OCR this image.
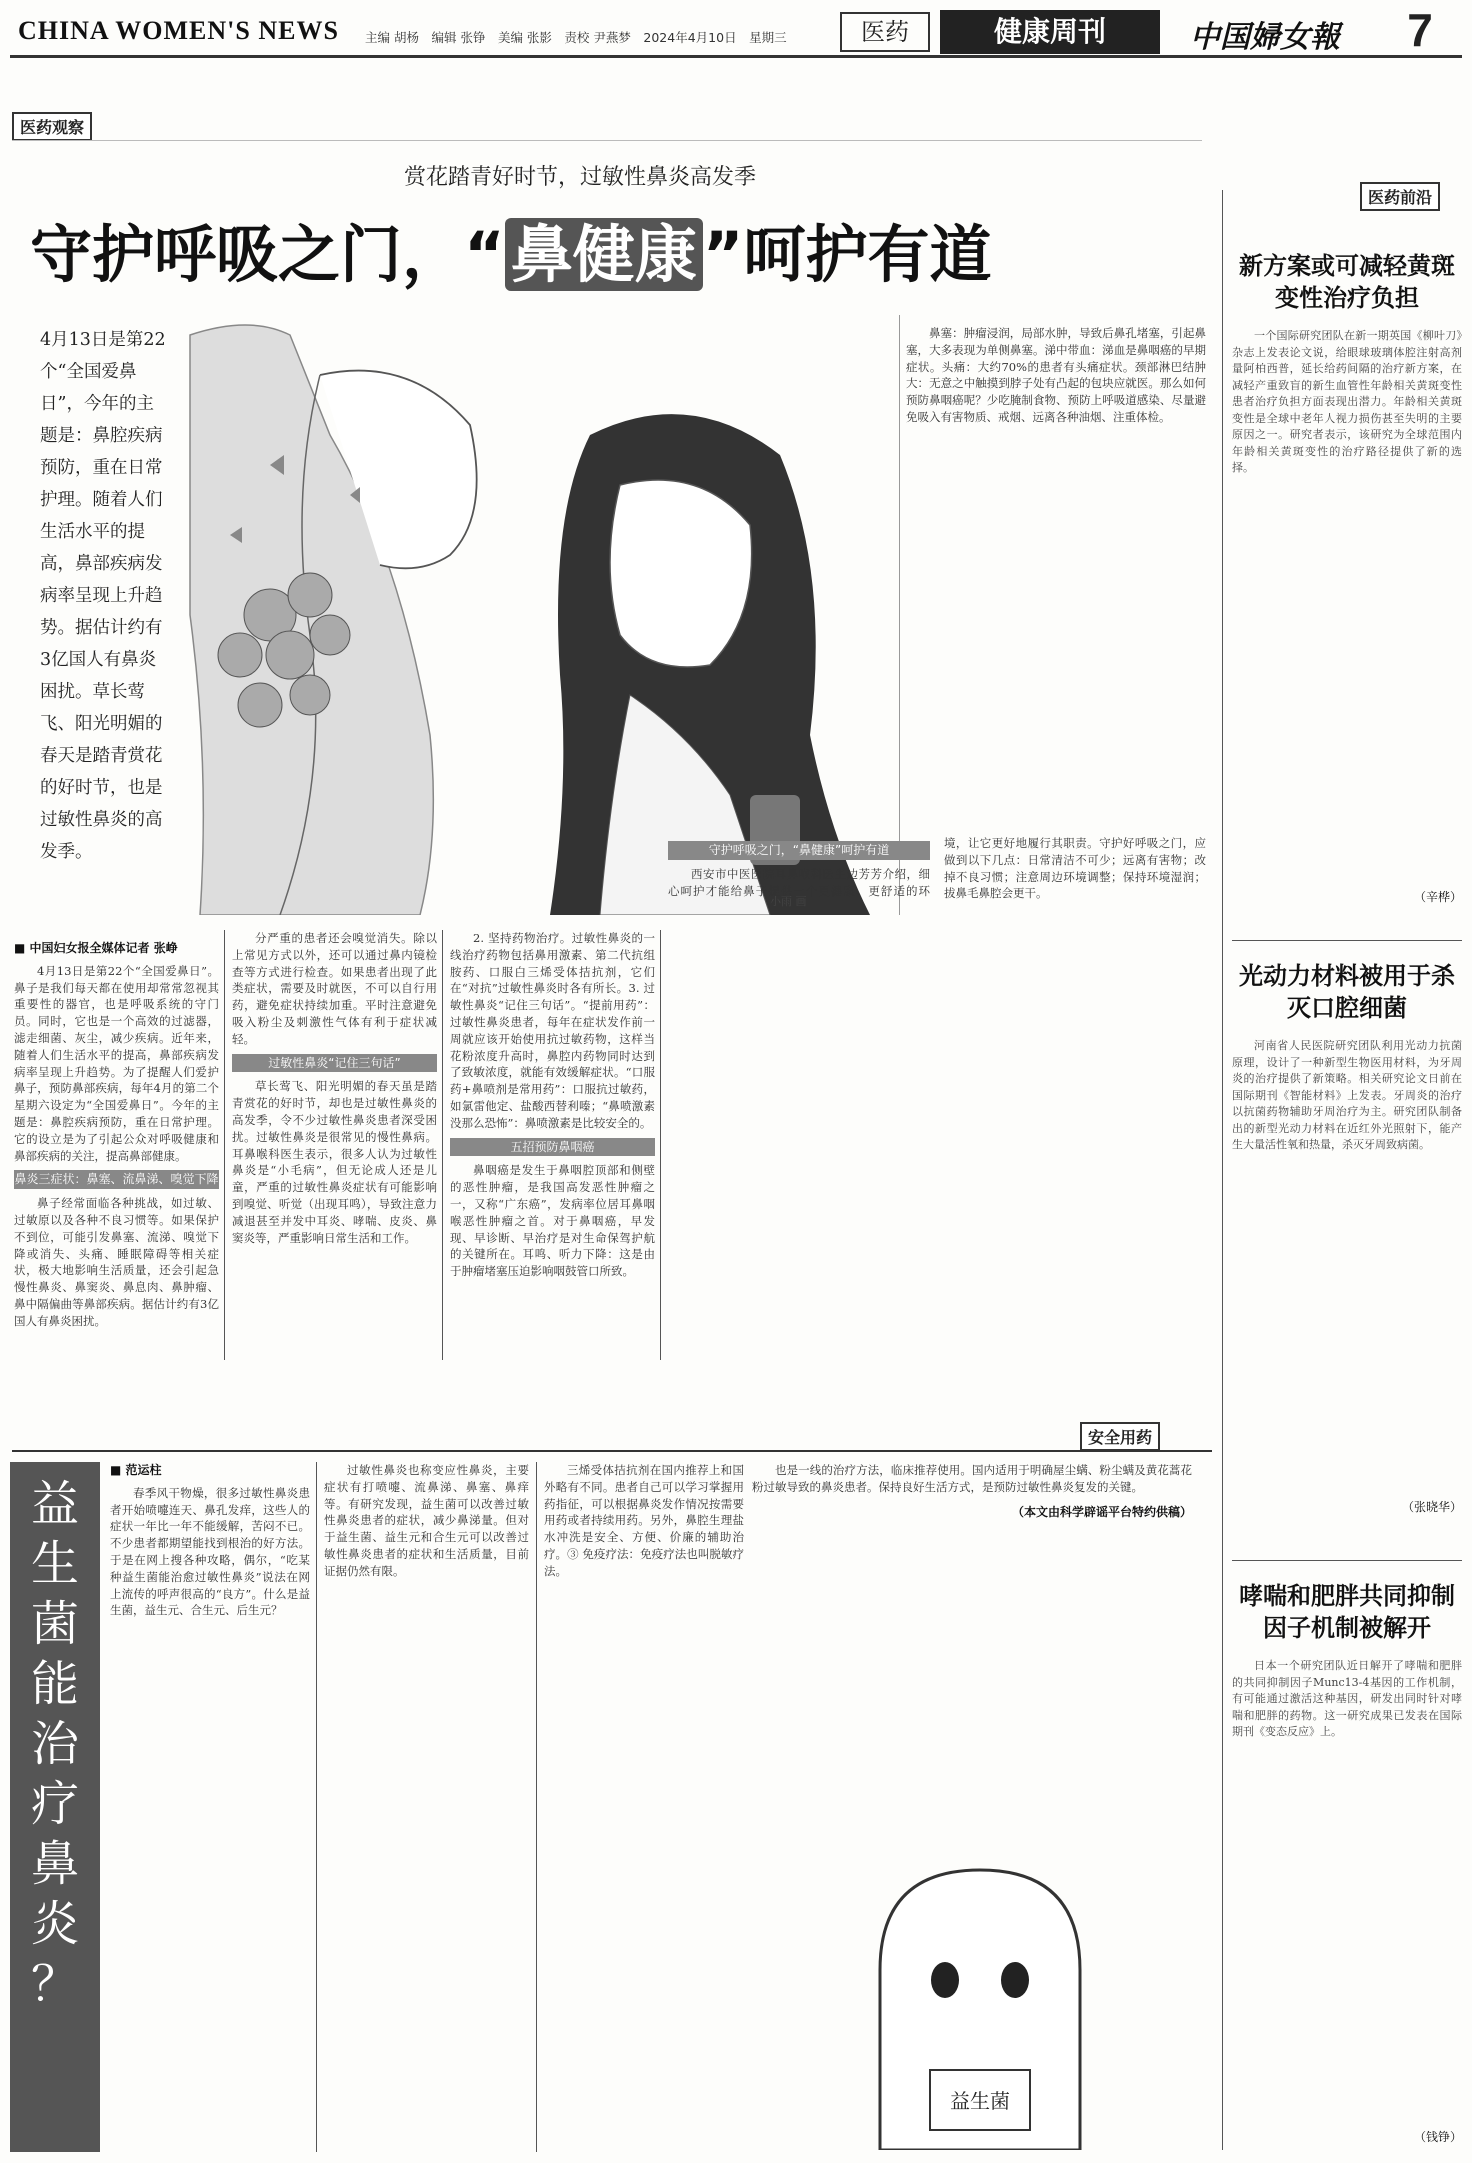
CHINA WOMEN'S NEWS 主编 胡杨　编辑 张铮　美编 张影　责校 尹燕梦　2024年4月10日　星期三	医药	健康周刊	中国婦女報	7
医药观察
赏花踏青好时节，过敏性鼻炎高发季
守护呼吸之门，“鼻健康”呵护有道
4月13日是第22个“全国爱鼻日”，今年的主题是：鼻腔疾病预防，重在日常护理。随着人们生活水平的提高，鼻部疾病发病率呈现上升趋势。据估计约有3亿国人有鼻炎困扰。草长莺飞、阳光明媚的春天是踏青赏花的好时节，也是过敏性鼻炎的高发季。
小雨 画
■ 中国妇女报全媒体记者 张峥

4月13日是第22个“全国爱鼻日”。鼻子是我们每天都在使用却常常忽视其重要性的器官，也是呼吸系统的守门员。同时，它也是一个高效的过滤器，滤走细菌、灰尘，减少疾病。近年来，随着人们生活水平的提高，鼻部疾病发病率呈现上升趋势。为了提醒人们爱护鼻子，预防鼻部疾病，每年4月的第二个星期六设定为“全国爱鼻日”。今年的主题是：鼻腔疾病预防，重在日常护理。它的设立是为了引起公众对呼吸健康和鼻部疾病的关注，提高鼻部健康。

鼻炎三症状：鼻塞、流鼻涕、嗅觉下降

鼻子经常面临各种挑战，如过敏、过敏原以及各种不良习惯等。如果保护不到位，可能引发鼻塞、流涕、嗅觉下降或消失、头痛、睡眠障碍等相关症状，极大地影响生活质量，还会引起急慢性鼻炎、鼻窦炎、鼻息肉、鼻肿瘤、鼻中隔偏曲等鼻部疾病。据估计约有3亿国人有鼻炎困扰。

分严重的患者还会嗅觉消失。除以上常见方式以外，还可以通过鼻内镜检查等方式进行检查。如果患者出现了此类症状，需要及时就医，不可以自行用药，避免症状持续加重。平时注意避免吸入粉尘及刺激性气体有利于症状减轻。

过敏性鼻炎“记住三句话”

草长莺飞、阳光明媚的春天虽是踏青赏花的好时节，却也是过敏性鼻炎的高发季，令不少过敏性鼻炎患者深受困扰。过敏性鼻炎是很常见的慢性鼻病。耳鼻喉科医生表示，很多人认为过敏性鼻炎是“小毛病”，但无论成人还是儿童，严重的过敏性鼻炎症状有可能影响到嗅觉、听觉（出现耳鸣），导致注意力减退甚至并发中耳炎、哮喘、皮炎、鼻窦炎等，严重影响日常生活和工作。

2. 坚持药物治疗。过敏性鼻炎的一线治疗药物包括鼻用激素、第二代抗组胺药、口服白三烯受体拮抗剂，它们在“对抗”过敏性鼻炎时各有所长。3. 过敏性鼻炎“记住三句话”。“提前用药”：过敏性鼻炎患者，每年在症状发作前一周就应该开始使用抗过敏药物，这样当花粉浓度升高时，鼻腔内药物同时达到了致敏浓度，就能有效缓解症状。“口服药+鼻喷剂是常用药”：口服抗过敏药，如氯雷他定、盐酸西替利嗪；“鼻喷激素没那么恐怖”：鼻喷激素是比较安全的。

五招预防鼻咽癌

鼻咽癌是发生于鼻咽腔顶部和侧壁的恶性肿瘤，是我国高发恶性肿瘤之一，又称“广东癌”，发病率位居耳鼻咽喉恶性肿瘤之首。对于鼻咽癌，早发现、早诊断、早治疗是对生命保驾护航的关键所在。耳鸣、听力下降：这是由于肿瘤堵塞压迫影响咽鼓管口所致。

鼻塞：肿瘤浸润，局部水肿，导致后鼻孔堵塞，引起鼻塞，大多表现为单侧鼻塞。涕中带血：涕血是鼻咽癌的早期症状。头痛：大约70%的患者有头痛症状。颈部淋巴结肿大：无意之中触摸到脖子处有凸起的包块应就医。那么如何预防鼻咽癌呢？少吃腌制食物、预防上呼吸道感染、尽量避免吸入有害物质、戒烟、远离各种油烟、注重体检。

守护呼吸之门，“鼻健康”呵护有道

西安市中医医院耳鼻喉科医生边芳芳介绍，细心呵护才能给鼻子提供一个更健康、更舒适的环境，让它更好地履行其职责。守护好呼吸之门，应做到以下几点：日常清洁不可少；远离有害物；改掉不良习惯；注意周边环境调整；保持环境湿润；拔鼻毛鼻腔会更干。

医药前沿
新方案或可减轻黄斑变性治疗负担

一个国际研究团队在新一期英国《柳叶刀》杂志上发表论文说，给眼球玻璃体腔注射高剂量阿柏西普，延长给药间隔的治疗新方案，在减轻产重致盲的新生血管性年龄相关黄斑变性患者治疗负担方面表现出潜力。年龄相关黄斑变性是全球中老年人视力损伤甚至失明的主要原因之一。研究者表示，该研究为全球范围内年龄相关黄斑变性的治疗路径提供了新的选择。

（辛桦）
光动力材料被用于杀灭口腔细菌

河南省人民医院研究团队利用光动力抗菌原理，设计了一种新型生物医用材料，为牙周炎的治疗提供了新策略。相关研究论文日前在国际期刊《智能材料》上发表。牙周炎的治疗以抗菌药物辅助牙周治疗为主。研究团队制备出的新型光动力材料在近红外光照射下，能产生大量活性氧和热量，杀灭牙周致病菌。

（张晓华）
哮喘和肥胖共同抑制因子机制被解开

日本一个研究团队近日解开了哮喘和肥胖的共同抑制因子Munc13-4基因的工作机制，有可能通过激活这种基因，研发出同时针对哮喘和肥胖的药物。这一研究成果已发表在国际期刊《变态反应》上。

（钱铮）
安全用药
益
生
菌
能
治
疗
鼻
炎
？
■ 范运柱

春季风干物燥，很多过敏性鼻炎患者开始喷嚏连天、鼻孔发痒，这些人的症状一年比一年不能缓解，苦闷不已。不少患者都期望能找到根治的好方法。于是在网上搜各种攻略，偶尔，“吃某种益生菌能治愈过敏性鼻炎”说法在网上流传的呼声很高的“良方”。什么是益生菌，益生元、合生元、后生元？

过敏性鼻炎也称变应性鼻炎，主要症状有打喷嚏、流鼻涕、鼻塞、鼻痒等。有研究发现，益生菌可以改善过敏性鼻炎患者的症状，减少鼻涕量。但对于益生菌、益生元和合生元可以改善过敏性鼻炎患者的症状和生活质量，目前证据仍然有限。

三烯受体拮抗剂在国内推荐上和国外略有不同。患者自己可以学习掌握用药指征，可以根据鼻炎发作情况按需要用药或者持续用药。另外，鼻腔生理盐水冲洗是安全、方便、价廉的辅助治疗。③ 免疫疗法：免疫疗法也叫脱敏疗法。

也是一线的治疗方法，临床推荐使用。国内适用于明确屋尘螨、粉尘螨及黄花蒿花粉过敏导致的鼻炎患者。保持良好生活方式，是预防过敏性鼻炎复发的关键。

（本文由科学辟谣平台特约供稿）
益生菌
